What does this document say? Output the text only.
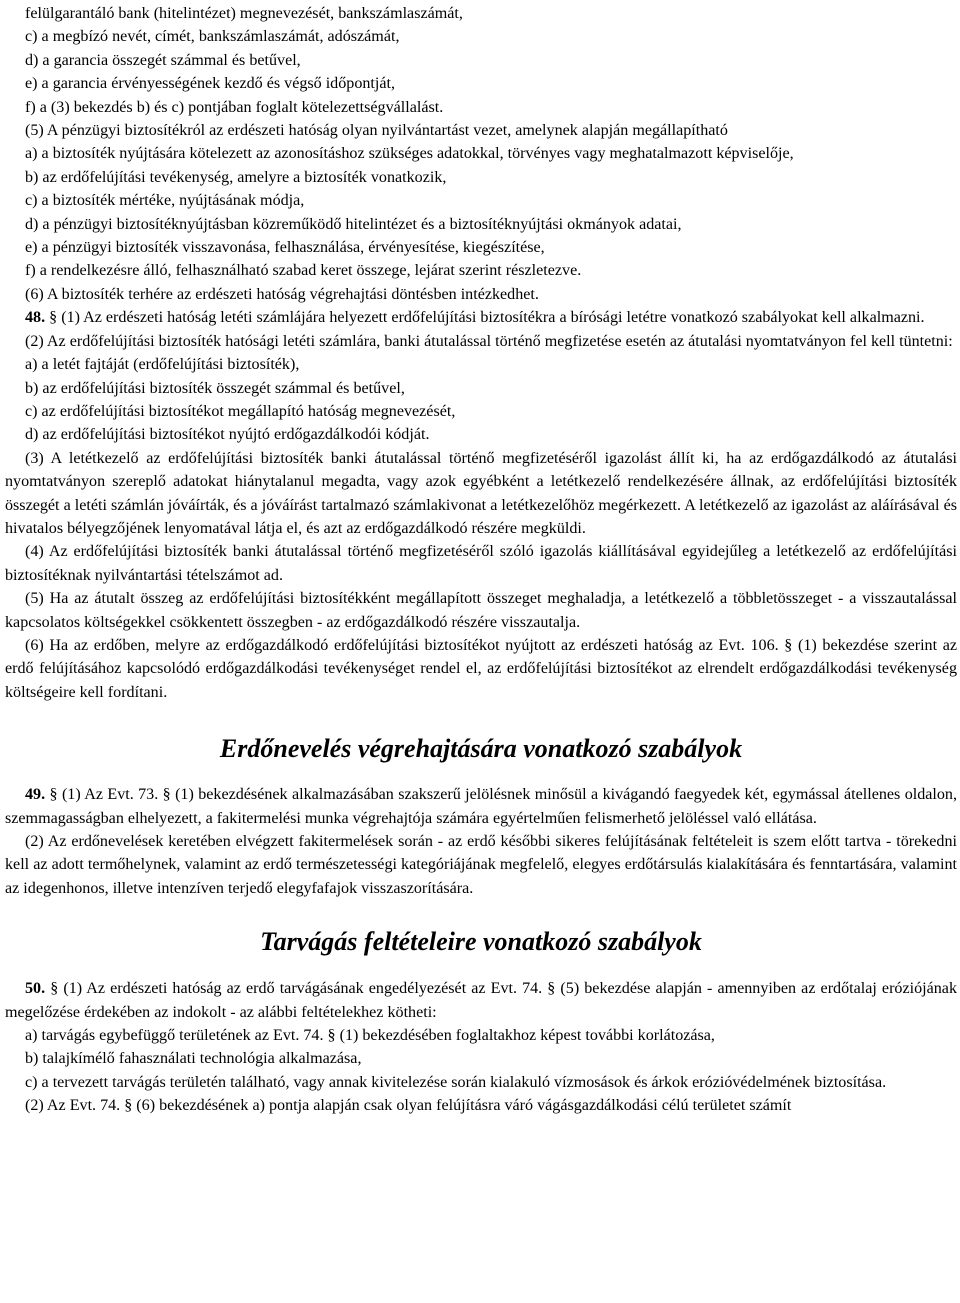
felülgarantáló bank (hitelintézet) megnevezését, bankszámlaszámát,

c) a megbízó nevét, címét, bankszámlaszámát, adószámát,

d) a garancia összegét számmal és betűvel,

e) a garancia érvényességének kezdő és végső időpontját,

f) a (3) bekezdés b) és c) pontjában foglalt kötelezettségvállalást.

(5) A pénzügyi biztosítékról az erdészeti hatóság olyan nyilvántartást vezet, amelynek alapján megállapítható

a) a biztosíték nyújtására kötelezett az azonosításhoz szükséges adatokkal, törvényes vagy meghatalmazott képviselője,

b) az erdőfelújítási tevékenység, amelyre a biztosíték vonatkozik,

c) a biztosíték mértéke, nyújtásának módja,

d) a pénzügyi biztosítéknyújtásban közreműködő hitelintézet és a biztosítéknyújtási okmányok adatai,

e) a pénzügyi biztosíték visszavonása, felhasználása, érvényesítése, kiegészítése,

f) a rendelkezésre álló, felhasználható szabad keret összege, lejárat szerint részletezve.

(6) A biztosíték terhére az erdészeti hatóság végrehajtási döntésben intézkedhet.

48. § (1) Az erdészeti hatóság letéti számlájára helyezett erdőfelújítási biztosítékra a bírósági letétre vonatkozó szabályokat kell alkalmazni.

(2) Az erdőfelújítási biztosíték hatósági letéti számlára, banki átutalással történő megfizetése esetén az átutalási nyomtatványon fel kell tüntetni:

a) a letét fajtáját (erdőfelújítási biztosíték),

b) az erdőfelújítási biztosíték összegét számmal és betűvel,

c) az erdőfelújítási biztosítékot megállapító hatóság megnevezését,

d) az erdőfelújítási biztosítékot nyújtó erdőgazdálkodói kódját.

(3) A letétkezelő az erdőfelújítási biztosíték banki átutalással történő megfizetéséről igazolást állít ki, ha az erdőgazdálkodó az átutalási nyomtatványon szereplő adatokat hiánytalanul megadta, vagy azok egyébként a letétkezelő rendelkezésére állnak, az erdőfelújítási biztosíték összegét a letéti számlán jóváírták, és a jóváírást tartalmazó számlakivonat a letétkezelőhöz megérkezett. A letétkezelő az igazolást az aláírásával és hivatalos bélyegzőjének lenyomatával látja el, és azt az erdőgazdálkodó részére megküldi.

(4) Az erdőfelújítási biztosíték banki átutalással történő megfizetéséről szóló igazolás kiállításával egyidejűleg a letétkezelő az erdőfelújítási biztosítéknak nyilvántartási tételszámot ad.

(5) Ha az átutalt összeg az erdőfelújítási biztosítékként megállapított összeget meghaladja, a letétkezelő a többletösszeget - a visszautalással kapcsolatos költségekkel csökkentett összegben - az erdőgazdálkodó részére visszautalja.

(6) Ha az erdőben, melyre az erdőgazdálkodó erdőfelújítási biztosítékot nyújtott az erdészeti hatóság az Evt. 106. § (1) bekezdése szerint az erdő felújításához kapcsolódó erdőgazdálkodási tevékenységet rendel el, az erdőfelújítási biztosítékot az elrendelt erdőgazdálkodási tevékenység költségeire kell fordítani.

Erdőnevelés végrehajtására vonatkozó szabályok

49. § (1) Az Evt. 73. § (1) bekezdésének alkalmazásában szakszerű jelölésnek minősül a kivágandó faegyedek két, egymással átellenes oldalon, szemmagasságban elhelyezett, a fakitermelési munka végrehajtója számára egyértelműen felismerhető jelöléssel való ellátása.

(2) Az erdőnevelések keretében elvégzett fakitermelések során - az erdő későbbi sikeres felújításának feltételeit is szem előtt tartva - törekedni kell az adott termőhelynek, valamint az erdő természetességi kategóriájának megfelelő, elegyes erdőtársulás kialakítására és fenntartására, valamint az idegenhonos, illetve intenzíven terjedő elegyfafajok visszaszorítására.

Tarvágás feltételeire vonatkozó szabályok

50. § (1) Az erdészeti hatóság az erdő tarvágásának engedélyezését az Evt. 74. § (5) bekezdése alapján - amennyiben az erdőtalaj eróziójának megelőzése érdekében az indokolt - az alábbi feltételekhez kötheti:

a) tarvágás egybefüggő területének az Evt. 74. § (1) bekezdésében foglaltakhoz képest további korlátozása,

b) talajkímélő fahasználati technológia alkalmazása,

c) a tervezett tarvágás területén található, vagy annak kivitelezése során kialakuló vízmosások és árkok erózióvédelmének biztosítása.

(2) Az Evt. 74. § (6) bekezdésének a) pontja alapján csak olyan felújításra váró vágásgazdálkodási célú területet számít
